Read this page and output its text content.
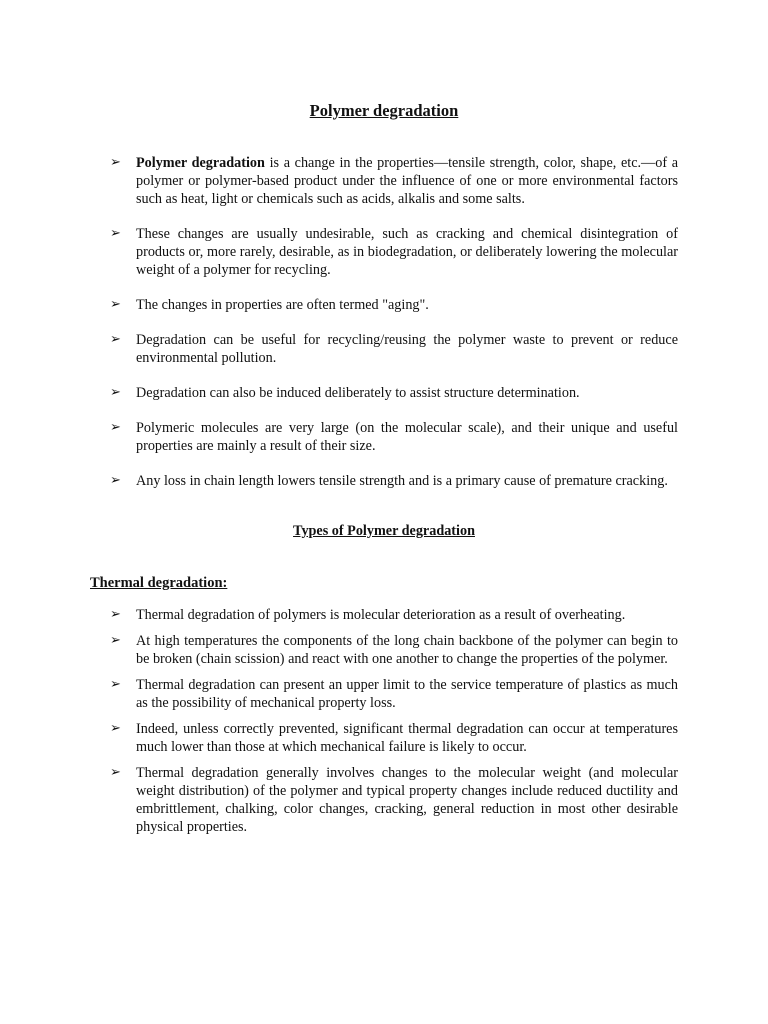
Polymer degradation
➢ Polymer degradation is a change in the properties—tensile strength, color, shape, etc.—of a polymer or polymer-based product under the influence of one or more environmental factors such as heat, light or chemicals such as acids, alkalis and some salts.
➢ These changes are usually undesirable, such as cracking and chemical disintegration of products or, more rarely, desirable, as in biodegradation, or deliberately lowering the molecular weight of a polymer for recycling.
➢ The changes in properties are often termed "aging".
➢ Degradation can be useful for recycling/reusing the polymer waste to prevent or reduce environmental pollution.
➢ Degradation can also be induced deliberately to assist structure determination.
➢ Polymeric molecules are very large (on the molecular scale), and their unique and useful properties are mainly a result of their size.
➢ Any loss in chain length lowers tensile strength and is a primary cause of premature cracking.
Types of Polymer degradation
Thermal degradation:
➢ Thermal degradation of polymers is molecular deterioration as a result of overheating.
➢ At high temperatures the components of the long chain backbone of the polymer can begin to be broken (chain scission) and react with one another to change the properties of the polymer.
➢ Thermal degradation can present an upper limit to the service temperature of plastics as much as the possibility of mechanical property loss.
➢ Indeed, unless correctly prevented, significant thermal degradation can occur at temperatures much lower than those at which mechanical failure is likely to occur.
➢ Thermal degradation generally involves changes to the molecular weight (and molecular weight distribution) of the polymer and typical property changes include reduced ductility and embrittlement, chalking, color changes, cracking, general reduction in most other desirable physical properties.
